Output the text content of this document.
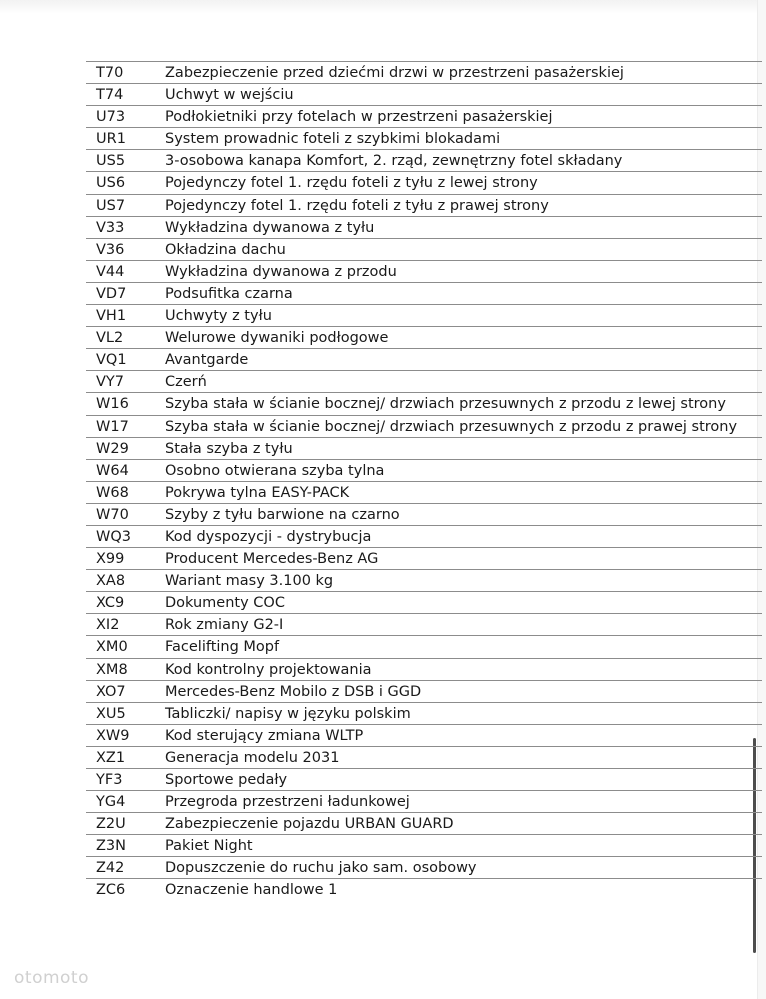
T70	Zabezpieczenie przed dziećmi drzwi w przestrzeni pasażerskiej
T74	Uchwyt w wejściu
U73	Podłokietniki przy fotelach w przestrzeni pasażerskiej
UR1	System prowadnic foteli z szybkimi blokadami
US5	3-osobowa kanapa Komfort, 2. rząd, zewnętrzny fotel składany
US6	Pojedynczy fotel 1. rzędu foteli z tyłu z lewej strony
US7	Pojedynczy fotel 1. rzędu foteli z tyłu z prawej strony
V33	Wykładzina dywanowa z tyłu
V36	Okładzina dachu
V44	Wykładzina dywanowa z przodu
VD7	Podsufitka czarna
VH1	Uchwyty z tyłu
VL2	Welurowe dywaniki podłogowe
VQ1	Avantgarde
VY7	Czerń
W16 Szyba stała w ścianie bocznej/ drzwiach przesuwnych z przodu z lewej strony
W17 Szyba stała w ścianie bocznej/ drzwiach przesuwnych z przodu z prawej strony
W29 Stała szyba z tyłu
W64 Osobno otwierana szyba tylna
W68 Pokrywa tylna EASY-PACK
W70 Szyby z tyłu barwione na czarno
WQ3 Kod dyspozycji - dystrybucja
X99	Producent Mercedes-Benz AG
XA8	Wariant masy 3.100 kg
XC9	Dokumenty COC
XI2	Rok zmiany G2-I
XM0	Facelifting Mopf
XM8	Kod kontrolny projektowania
XO7	Mercedes-Benz Mobilo z DSB i GGD
XU5	Tabliczki/ napisy w języku polskim
XW9 Kod sterujący zmiana WLTP
XZ1	Generacja modelu 2031
YF3	Sportowe pedały
YG4	Przegroda przestrzeni ładunkowej
Z2U	Zabezpieczenie pojazdu URBAN GUARD
Z3N	Pakiet Night
Z42	Dopuszczenie do ruchu jako sam. osobowy
ZC6	Oznaczenie handlowe 1
otomoto
